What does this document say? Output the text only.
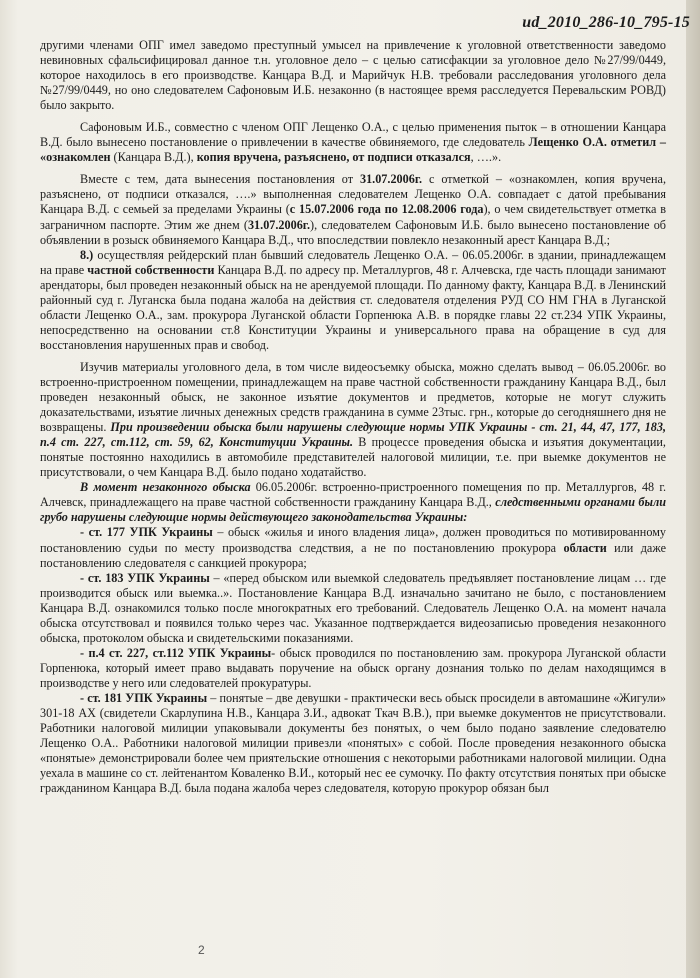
ud_2010_286-10_795-15

другими членами ОПГ имел заведомо преступный умысел на привлечение к уголовной ответственности заведомо невиновных сфальсифицировал данное т.н. уголовное дело – с целью сатисфакции за уголовное дело №27/99/0449, которое находилось в его производстве. Канцара В.Д. и Марийчук Н.В. требовали расследования уголовного дела №27/99/0449, но оно следователем Сафоновым И.Б. незаконно (в настоящее время расследуется Перевальским РОВД) было закрыто.

Сафоновым И.Б., совместно с членом ОПГ Лещенко О.А., с целью применения пыток – в отношении Канцара В.Д. было вынесено постановление о привлечении в качестве обвиняемого, где следователь Лещенко О.А. отметил – «ознакомлен (Канцара В.Д.), копия вручена, разъяснено, от подписи отказался, ….».

Вместе с тем, дата вынесения постановления от 31.07.2006г. с отметкой – «ознакомлен, копия вручена, разъяснено, от подписи отказался, ….» выполненная следователем Лещенко О.А. совпадает с датой пребывания Канцара В.Д. с семьей за пределами Украины (с 15.07.2006 года по 12.08.2006 года), о чем свидетельствует отметка в заграничном паспорте. Этим же днем (31.07.2006г.), следователем Сафоновым И.Б. было вынесено постановление об объявлении в розыск обвиняемого Канцара В.Д., что впоследствии повлекло незаконный арест Канцара В.Д.;

8.) осуществляя рейдерский план бывший следователь Лещенко О.А. – 06.05.2006г. в здании, принадлежащем на праве частной собственности Канцара В.Д. по адресу пр. Металлургов, 48 г. Алчевска, где часть площади занимают арендаторы, был проведен незаконный обыск на не арендуемой площади. По данному факту, Канцара В.Д. в Ленинский районный суд г. Луганска была подана жалоба на действия ст. следователя отделения РУД СО НМ ГНА в Луганской области Лещенко О.А., зам. прокурора Луганской области Горпенюка А.В. в порядке главы 22 ст.234 УПК Украины, непосредственно на основании ст.8 Конституции Украины и универсального права на обращение в суд для восстановления нарушенных прав и свобод.

Изучив материалы уголовного дела, в том числе видеосъемку обыска, можно сделать вывод – 06.05.2006г. во встроенно-пристроенном помещении, принадлежащем на праве частной собственности гражданину Канцара В.Д., был проведен незаконный обыск, не законное изъятие документов и предметов, которые не могут служить доказательствами, изъятие личных денежных средств гражданина в сумме 23тыс. грн., которые до сегодняшнего дня не возвращены. При произведении обыска были нарушены следующие нормы УПК Украины - ст. 21, 44, 47, 177, 183, п.4 ст. 227, ст.112, ст. 59, 62, Конституции Украины. В процессе проведения обыска и изъятия документации, понятые постоянно находились в автомобиле представителей налоговой милиции, т.е. при выемке документов не присутствовали, о чем Канцара В.Д. было подано ходатайство.

В момент незаконного обыска 06.05.2006г. встроенно-пристроенного помещения по пр. Металлургов, 48 г. Алчевск, принадлежащего на праве частной собственности гражданину Канцара В.Д., следственными органами были грубо нарушены следующие нормы действующего законодательства Украины:

- ст. 177 УПК Украины – обыск «жилья и иного владения лица», должен проводиться по мотивированному постановлению судьи по месту производства следствия, а не по постановлению прокурора области или даже постановлению следователя с санкцией прокурора;

- ст. 183 УПК Украины – «перед обыском или выемкой следователь предъявляет постановление лицам … где производится обыск или выемка..». Постановление Канцара В.Д. изначально зачитано не было, с постановлением Канцара В.Д. ознакомился только после многократных его требований. Следователь Лещенко О.А. на момент начала обыска отсутствовал и появился только через час. Указанное подтверждается видеозаписью проведения незаконного обыска, протоколом обыска и свидетельскими показаниями.

- п.4 ст. 227, ст.112 УПК Украины- обыск проводился по постановлению зам. прокурора Луганской области Горпенюка, который имеет право выдавать поручение на обыск органу дознания только по делам находящимся в производстве у него или следователей прокуратуры.

- ст. 181 УПК Украины – понятые – две девушки - практически весь обыск просидели в автомашине «Жигули» 301-18 АХ (свидетели Скарлупина Н.В., Канцара З.И., адвокат Ткач В.В.), при выемке документов не присутствовали. Работники налоговой милиции упаковывали документы без понятых, о чем было подано заявление следователю Лещенко О.А.. Работники налоговой милиции привезли «понятых» с собой. После проведения незаконного обыска «понятые» демонстрировали более чем приятельские отношения с некоторыми работниками налоговой милиции. Одна уехала в машине со ст. лейтенантом Коваленко В.И., который нес ее сумочку. По факту отсутствия понятых при обыске гражданином Канцара В.Д. была подана жалоба через следователя, которую прокурор обязан был

2
